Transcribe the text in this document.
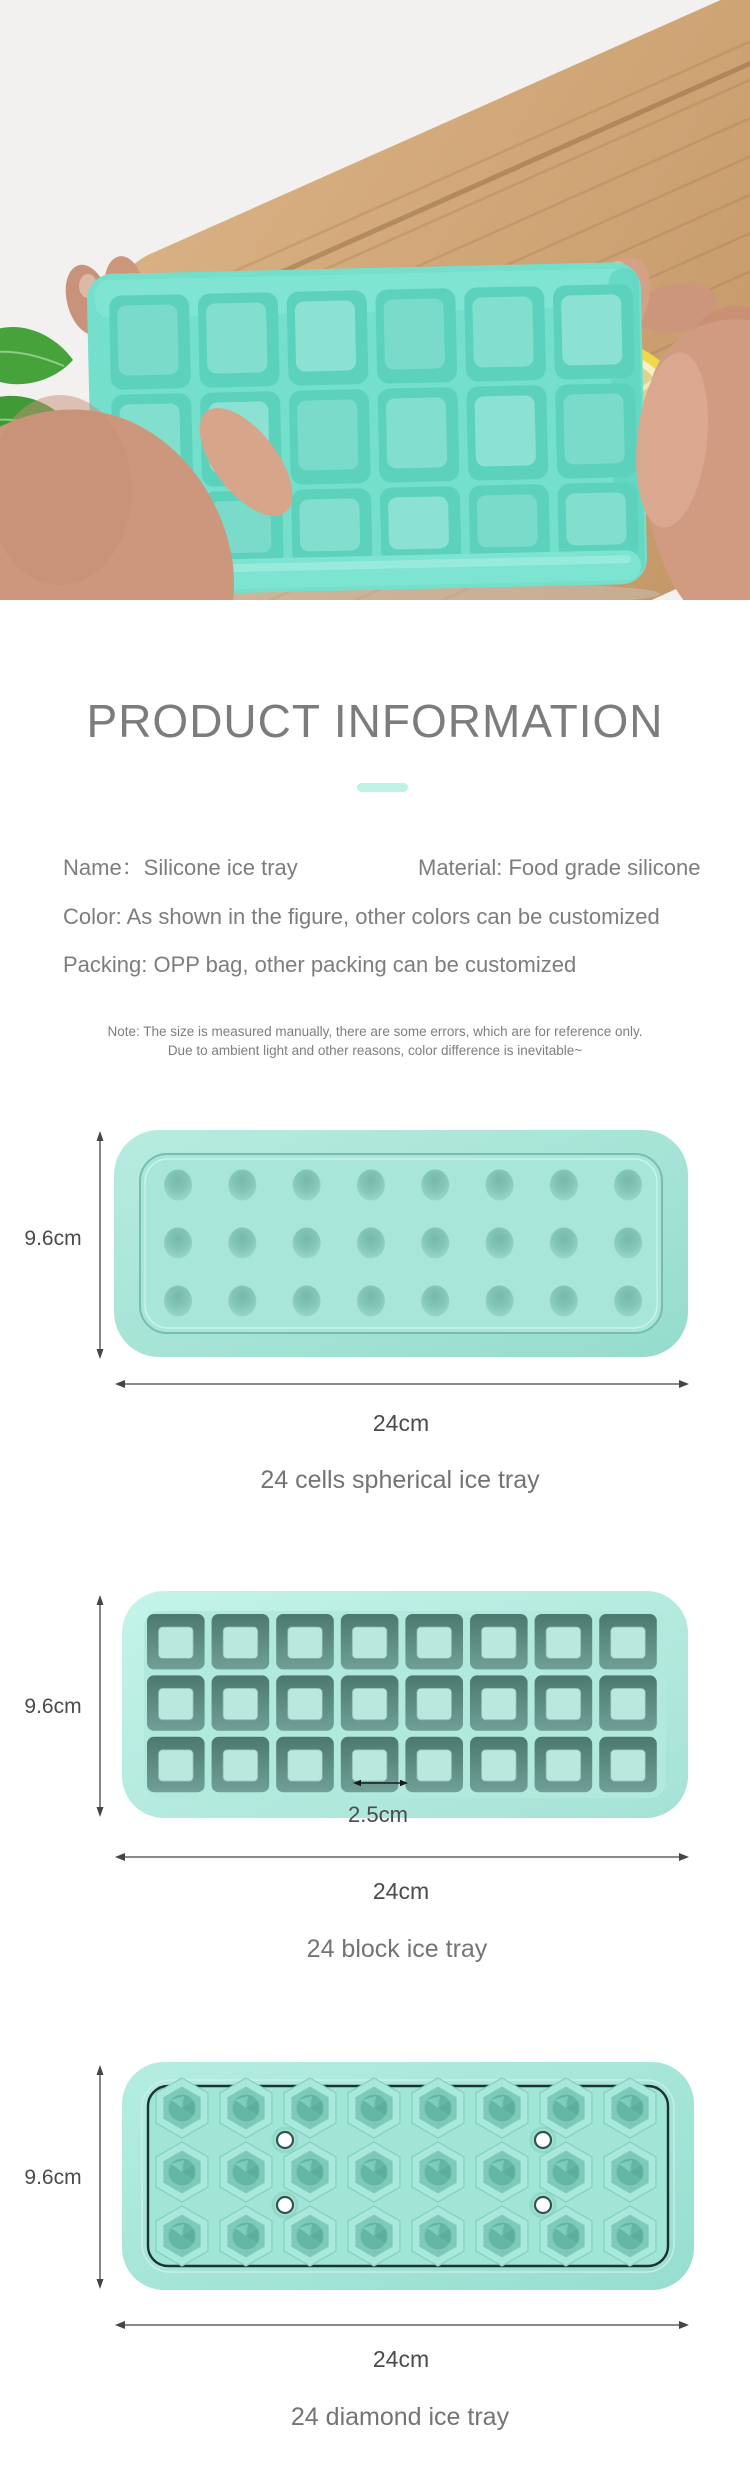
PRODUCT INFORMATION
Name：Silicone ice tray	Material: Food grade silicone
Color: As shown in the figure, other colors can be customized
Packing: OPP bag, other packing can be customized
Note: The size is measured manually, there are some errors, which are for reference only.
Due to ambient light and other reasons, color difference is inevitable~
9.6cm
24cm
24 cells spherical ice tray
9.6cm
2.5cm
24cm
24 block ice tray
9.6cm
24cm
24 diamond ice tray
